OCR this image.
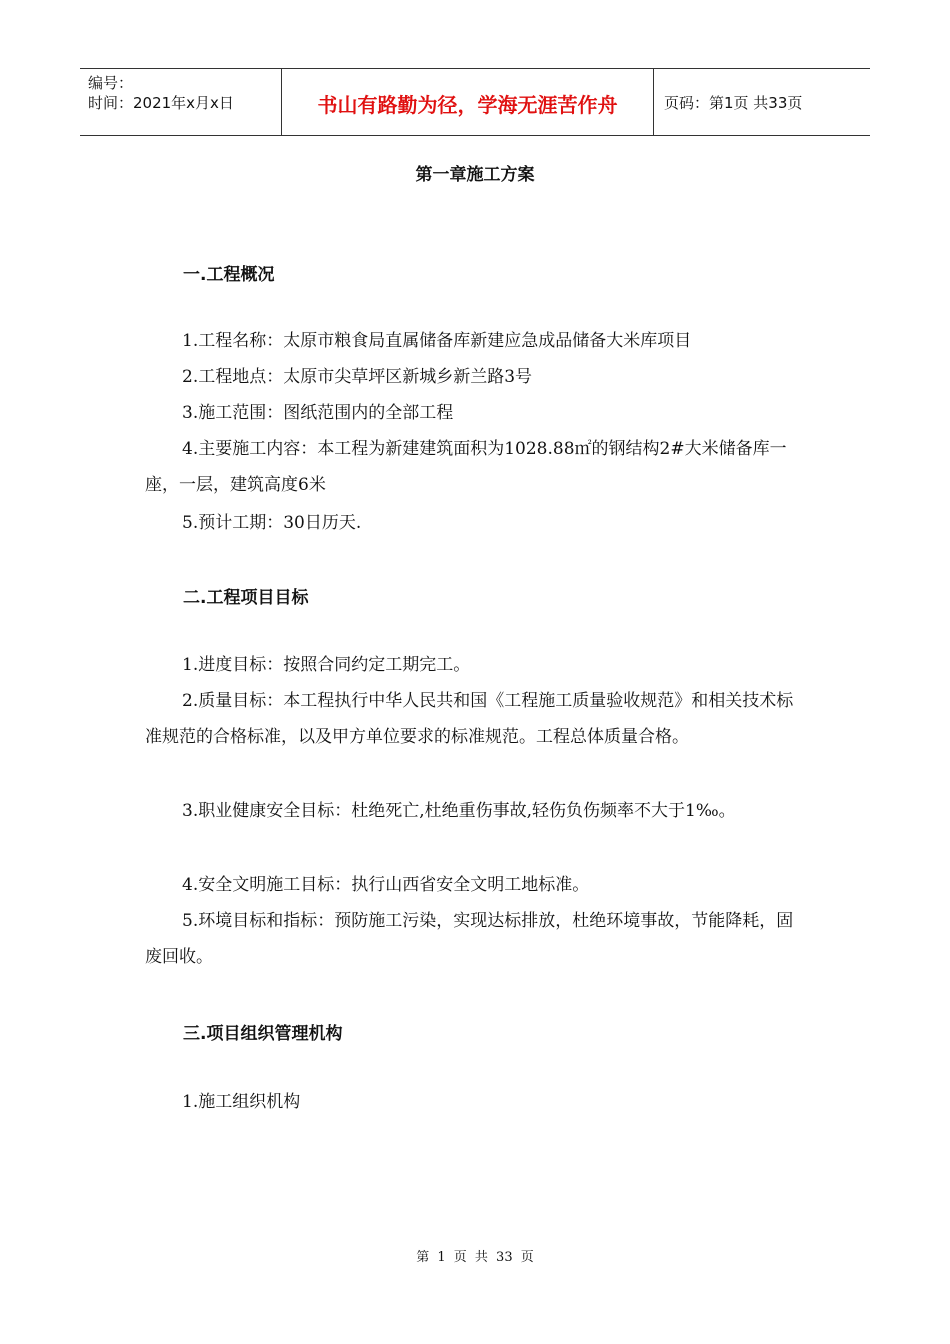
编号：
时间：2021年x月x日	书山有路勤为径，学海无涯苦作舟	页码：第1页 共33页
第一章施工方案
一.工程概况

1.工程名称：太原市粮食局直属储备库新建应急成品储备大米库项目

2.工程地点：太原市尖草坪区新城乡新兰路3号

3.施工范围：图纸范围内的全部工程

4.主要施工内容：本工程为新建建筑面积为1028.88㎡的钢结构2#大米储备库一座，一层，建筑高度6米

5.预计工期：30日历天.

二.工程项目目标

1.进度目标：按照合同约定工期完工。

2.质量目标：本工程执行中华人民共和国《工程施工质量验收规范》和相关技术标准规范的合格标准，以及甲方单位要求的标准规范。工程总体质量合格。

3.职业健康安全目标：杜绝死亡,杜绝重伤事故,轻伤负伤频率不大于1‰。

4.安全文明施工目标：执行山西省安全文明工地标准。

5.环境目标和指标：预防施工污染，实现达标排放，杜绝环境事故，节能降耗，固废回收。

三.项目组织管理机构

1.施工组织机构

第 1 页 共 33 页
